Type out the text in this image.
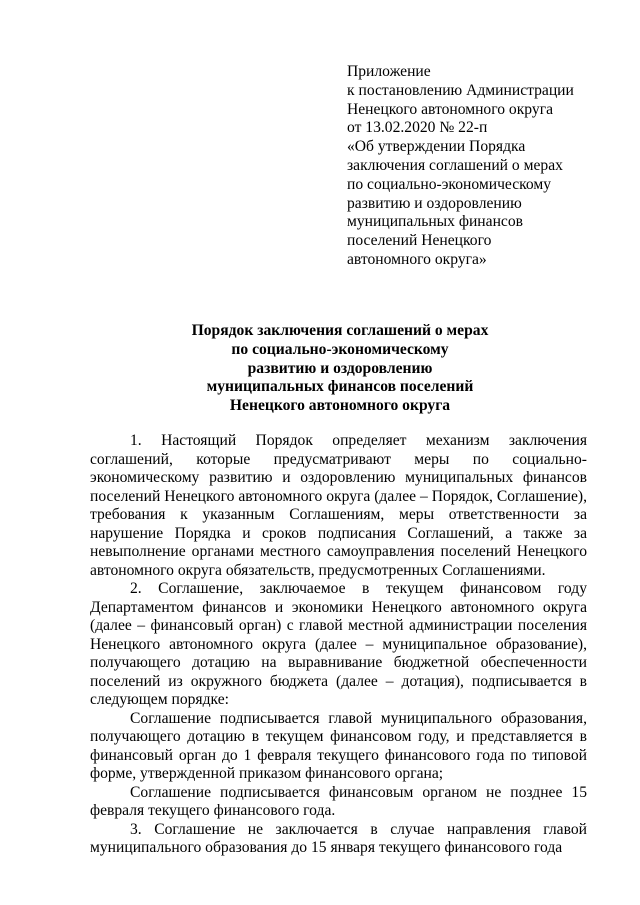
Приложение
к постановлению Администрации
Ненецкого автономного округа
от 13.02.2020 № 22-п
«Об утверждении Порядка
заключения соглашений о мерах
по социально-экономическому
развитию и оздоровлению
муниципальных финансов
поселений Ненецкого
автономного округа»
Порядок заключения соглашений о мерах
по социально-экономическому
развитию и оздоровлению
муниципальных финансов поселений
Ненецкого автономного округа

1. Настоящий Порядок определяет механизм заключения соглашений, которые предусматривают меры по социально-экономическому развитию и оздоровлению муниципальных финансов поселений Ненецкого автономного округа (далее – Порядок, Соглашение), требования к указанным Соглашениям, меры ответственности за нарушение Порядка и сроков подписания Соглашений, а также за невыполнение органами местного самоуправления поселений Ненецкого автономного округа обязательств, предусмотренных Соглашениями.

2. Соглашение, заключаемое в текущем финансовом году Департаментом финансов и экономики Ненецкого автономного округа (далее – финансовый орган) с главой местной администрации поселения Ненецкого автономного округа (далее – муниципальное образование), получающего дотацию на выравнивание бюджетной обеспеченности поселений из окружного бюджета (далее – дотация), подписывается в следующем порядке:

Соглашение подписывается главой муниципального образования, получающего дотацию в текущем финансовом году, и представляется в финансовый орган до 1 февраля текущего финансового года по типовой форме, утвержденной приказом финансового органа;

Соглашение подписывается финансовым органом не позднее 15 февраля текущего финансового года.

3. Соглашение не заключается в случае направления главой муниципального образования до 15 января текущего финансового года
